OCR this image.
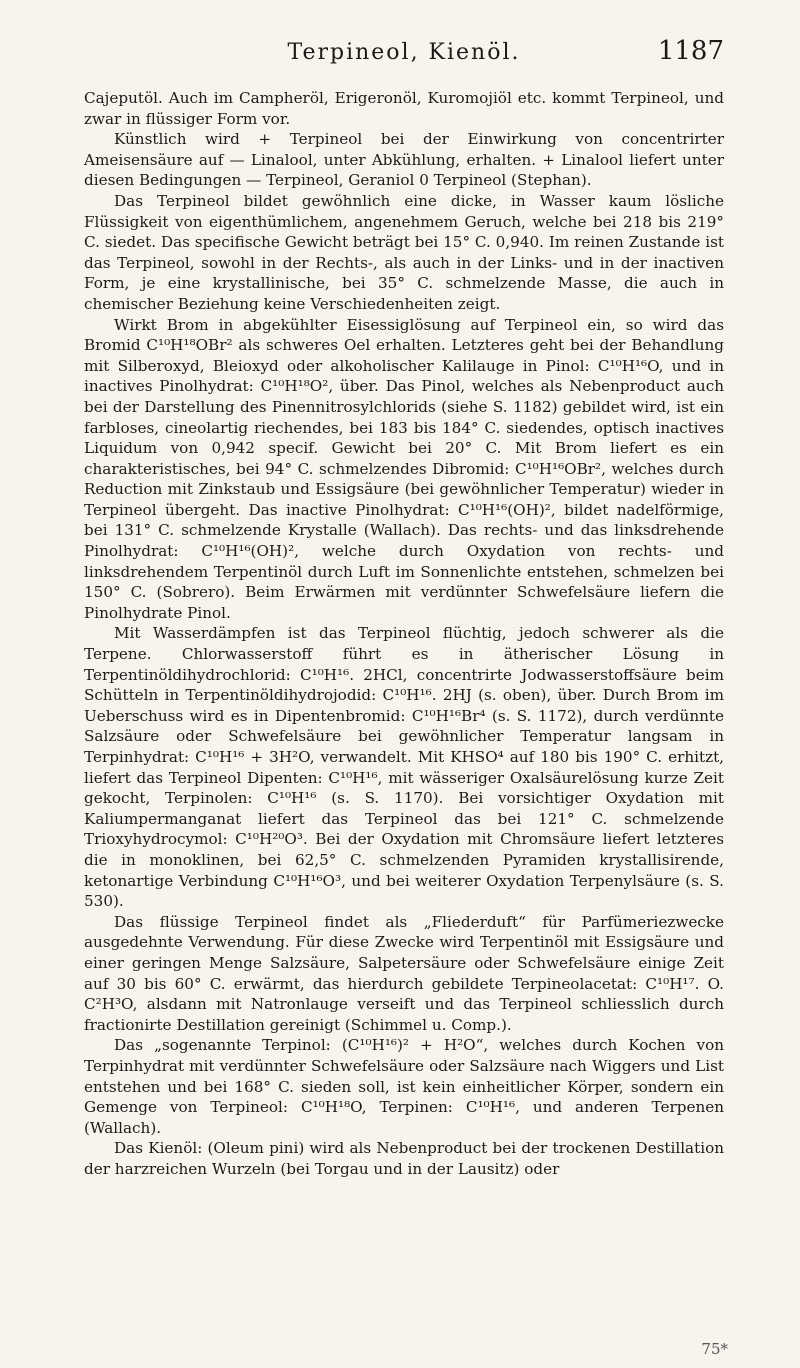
Terpineol, Kienöl.	1187

Cajeputöl. Auch im Campheröl, Erigeronöl, Kuromojiöl etc. kommt Terpineol, und zwar in flüssiger Form vor.

Künstlich wird + Terpineol bei der Einwirkung von concentrirter Ameisensäure auf — Linalool, unter Abkühlung, erhalten. + Linalool liefert unter diesen Bedingungen — Terpineol, Geraniol 0 Terpineol (Stephan).

Das Terpineol bildet gewöhnlich eine dicke, in Wasser kaum lösliche Flüssigkeit von eigenthümlichem, angenehmem Geruch, welche bei 218 bis 219° C. siedet. Das specifische Gewicht beträgt bei 15° C. 0,940. Im reinen Zustande ist das Terpineol, sowohl in der Rechts-, als auch in der Links- und in der inactiven Form, je eine krystallinische, bei 35° C. schmelzende Masse, die auch in chemischer Beziehung keine Verschiedenheiten zeigt.

Wirkt Brom in abgekühlter Eisessiglösung auf Terpineol ein, so wird das Bromid C¹⁰H¹⁸OBr² als schweres Oel erhalten. Letzteres geht bei der Behandlung mit Silberoxyd, Bleioxyd oder alkoholischer Kalilauge in Pinol: C¹⁰H¹⁶O, und in inactives Pinolhydrat: C¹⁰H¹⁸O², über. Das Pinol, welches als Nebenproduct auch bei der Darstellung des Pinennitrosylchlorids (siehe S. 1182) gebildet wird, ist ein farbloses, cineolartig riechendes, bei 183 bis 184° C. siedendes, optisch inactives Liquidum von 0,942 specif. Gewicht bei 20° C. Mit Brom liefert es ein charakteristisches, bei 94° C. schmelzendes Dibromid: C¹⁰H¹⁶OBr², welches durch Reduction mit Zinkstaub und Essigsäure (bei gewöhnlicher Temperatur) wieder in Terpineol übergeht. Das inactive Pinolhydrat: C¹⁰H¹⁶(OH)², bildet nadelförmige, bei 131° C. schmelzende Krystalle (Wallach). Das rechts- und das linksdrehende Pinolhydrat: C¹⁰H¹⁶(OH)², welche durch Oxydation von rechts- und linksdrehendem Terpentinöl durch Luft im Sonnenlichte entstehen, schmelzen bei 150° C. (Sobrero). Beim Erwärmen mit verdünnter Schwefelsäure liefern die Pinolhydrate Pinol.

Mit Wasserdämpfen ist das Terpineol flüchtig, jedoch schwerer als die Terpene. Chlorwasserstoff führt es in ätherischer Lösung in Terpentinöldihydrochlorid: C¹⁰H¹⁶. 2HCl, concentrirte Jodwasserstoffsäure beim Schütteln in Terpentinöldihydrojodid: C¹⁰H¹⁶. 2HJ (s. oben), über. Durch Brom im Ueberschuss wird es in Dipentenbromid: C¹⁰H¹⁶Br⁴ (s. S. 1172), durch verdünnte Salzsäure oder Schwefelsäure bei gewöhnlicher Temperatur langsam in Terpinhydrat: C¹⁰H¹⁶ + 3H²O, verwandelt. Mit KHSO⁴ auf 180 bis 190° C. erhitzt, liefert das Terpineol Dipenten: C¹⁰H¹⁶, mit wässeriger Oxalsäurelösung kurze Zeit gekocht, Terpinolen: C¹⁰H¹⁶ (s. S. 1170). Bei vorsichtiger Oxydation mit Kaliumpermanganat liefert das Terpineol das bei 121° C. schmelzende Trioxyhydrocymol: C¹⁰H²⁰O³. Bei der Oxydation mit Chromsäure liefert letzteres die in monoklinen, bei 62,5° C. schmelzenden Pyramiden krystallisirende, ketonartige Verbindung C¹⁰H¹⁶O³, und bei weiterer Oxydation Terpenylsäure (s. S. 530).

Das flüssige Terpineol findet als „Fliederduft“ für Parfümeriezwecke ausgedehnte Verwendung. Für diese Zwecke wird Terpentinöl mit Essigsäure und einer geringen Menge Salzsäure, Salpetersäure oder Schwefelsäure einige Zeit auf 30 bis 60° C. erwärmt, das hierdurch gebildete Terpineolacetat: C¹⁰H¹⁷. O. C²H³O, alsdann mit Natronlauge verseift und das Terpineol schliesslich durch fractionirte Destillation gereinigt (Schimmel u. Comp.).

Das „sogenannte Terpinol: (C¹⁰H¹⁶)² + H²O“, welches durch Kochen von Terpinhydrat mit verdünnter Schwefelsäure oder Salzsäure nach Wiggers und List entstehen und bei 168° C. sieden soll, ist kein einheitlicher Körper, sondern ein Gemenge von Terpineol: C¹⁰H¹⁸O, Terpinen: C¹⁰H¹⁶, und anderen Terpenen (Wallach).

Das Kienöl: (Oleum pini) wird als Nebenproduct bei der trockenen Destillation der harzreichen Wurzeln (bei Torgau und in der Lausitz) oder

75*
